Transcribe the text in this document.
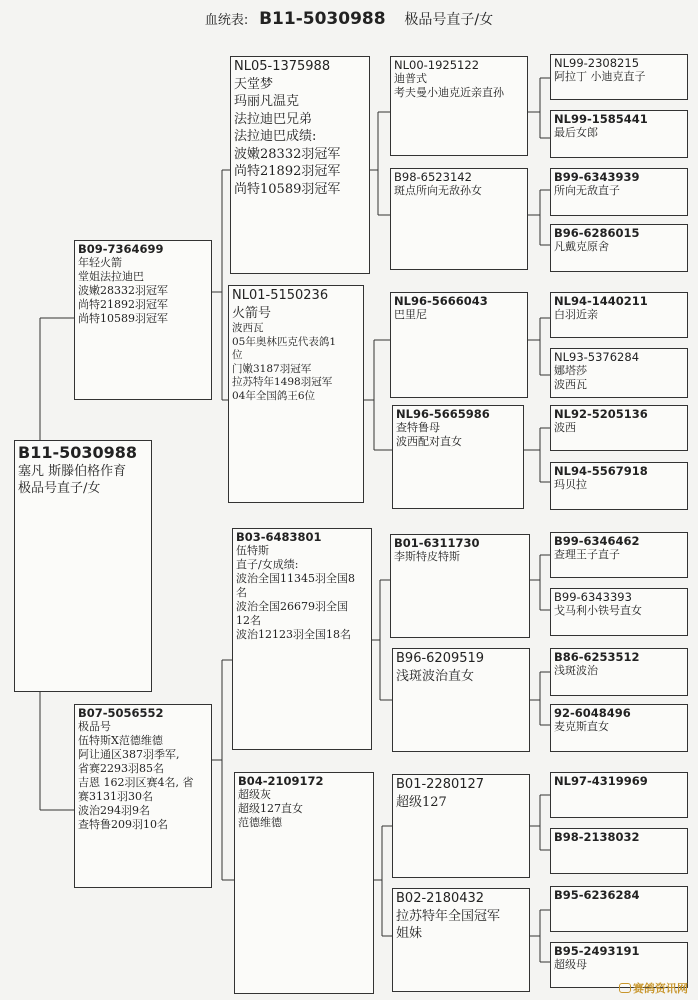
血统表: B11-5030988 极品号直子/女
B11-5030988
塞凡 斯滕伯格作育
极品号直子/女
B09-7364699
年轻火箭
堂姐法拉迪巴
波嫩28332羽冠军
尚特21892羽冠军
尚特10589羽冠军
B07-5056552
极品号
伍特斯X范德维德
阿让通区387羽季军,
省赛2293羽85名
吉恩 162羽区赛4名, 省
赛3131羽30名
波治294羽9名
查特鲁209羽10名
NL05-1375988
天堂梦
玛丽凡温克
法拉迪巴兄弟
法拉迪巴成绩:
波嫩28332羽冠军
尚特21892羽冠军
尚特10589羽冠军
NL01-5150236
火箭号
波西瓦
05年奥林匹克代表鸽1
位
门嫩3187羽冠军
拉苏特年1498羽冠军
04年全国鸽王6位
B03-6483801
伍特斯
直子/女成绩:
波治全国11345羽全国8
名
波治全国26679羽全国
12名
波治12123羽全国18名
B04-2109172
超级灰
超级127直女
范德维德
NL00-1925122
迪普式
考夫曼小迪克近亲直孙
B98-6523142
斑点所向无敌孙女
NL96-5666043
巴里尼
NL96-5665986
查特鲁母
波西配对直女
B01-6311730
李斯特皮特斯
B96-6209519
浅斑波治直女
B01-2280127
超级127
B02-2180432
拉苏特年全国冠军
姐妹
NL99-2308215
阿拉丁 小迪克直子
NL99-1585441
最后女郎
B99-6343939
所向无敌直子
B96-6286015
凡戴克原舍
NL94-1440211
白羽近亲
NL93-5376284
娜塔莎
波西瓦
NL92-5205136
波西
NL94-5567918
玛贝拉
B99-6346462
查理王子直子
B99-6343393
戈马利小铁号直女
B86-6253512
浅斑波治
92-6048496
麦克斯直女
NL97-4319969
B98-2138032
B95-6236284
B95-2493191
超级母
赛鸽资讯网
